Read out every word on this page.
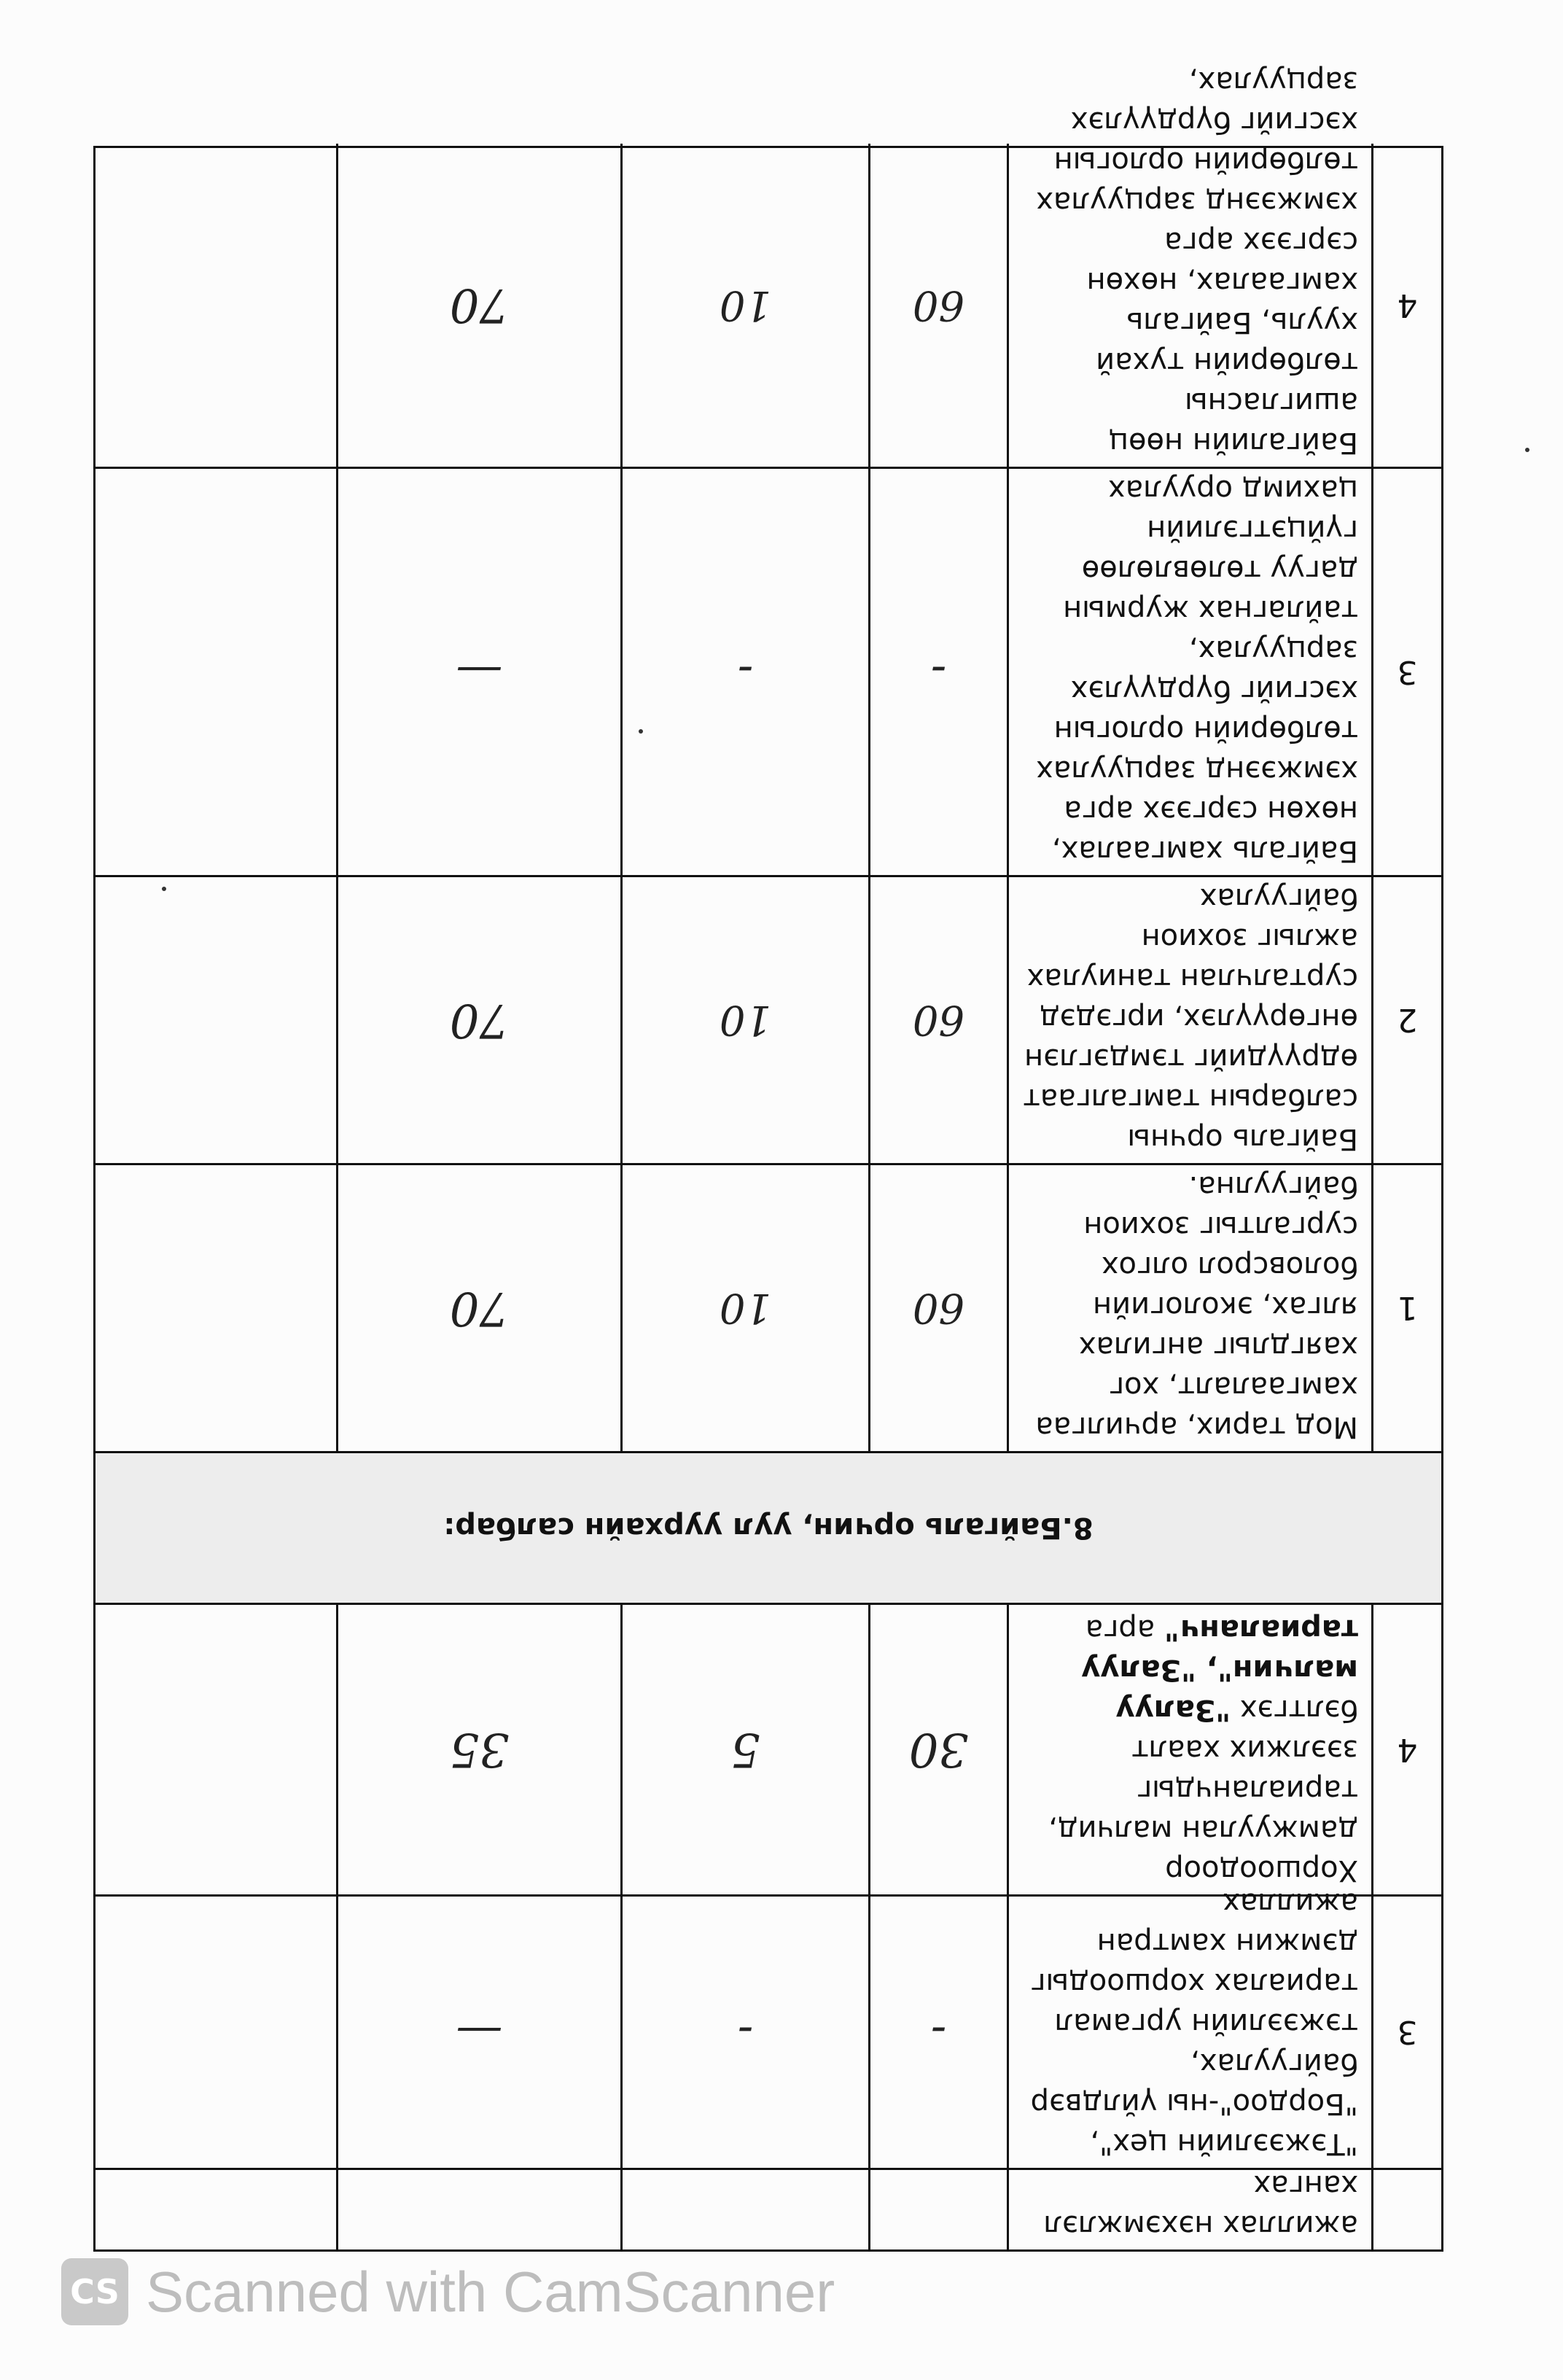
ажиллах нэхэмжлэл хангах
3
"Тэжээлийн цех", "Бордоо"-ны үйлдвэр байгуулах, тэжээлийн ургамал тариалах хоршоодыг дэмжин хамтран ажиллах
-
-
—
4
Хоршоодоор дамжуулан малчид, тариаланчдыг зээлжих хаалт бэлтгэх "Залуу малчин", "Залуу тариаланч" арга
30
5
35
8.Байгаль орчин, уул уурхайн салбар:
1
Мод тарих, арчилгаа хамгаалалт, хог хаягдлыг ангилах ялгах, экологийн боловсрол олгох сургалтыг зохион байгуулна.
60
10
70
2
Байгаль орчны салбарын тамгалгаат өдрүүдийг тэмдэглэн өнгөрүүлэх, иргэдэд сурталчлан таниулах ажлыг зохион байгуулах
60
10
70
3
Байгаль хамгаалах, нөхөн сэргээх арга хэмжээнд зарцуулах төлбөрийн орлогын хэсгийг бүрдүүлэх зарцуулах, тайлагнах журмын дагуу төлөвлөлөө гүйцэтгэлийн цахимд оруулах
-
-
—
4
Байгалийн нөөц ашигласны төлбөрийн тухай хууль, Байгаль хамгаалах, нөхөн сэргээх арга хэмжээнд зарцуулах төлбөрийн орлогын хэсгийг бүрдүүлэх зарцуулах,
60
10
70
CS Scanned with CamScanner
